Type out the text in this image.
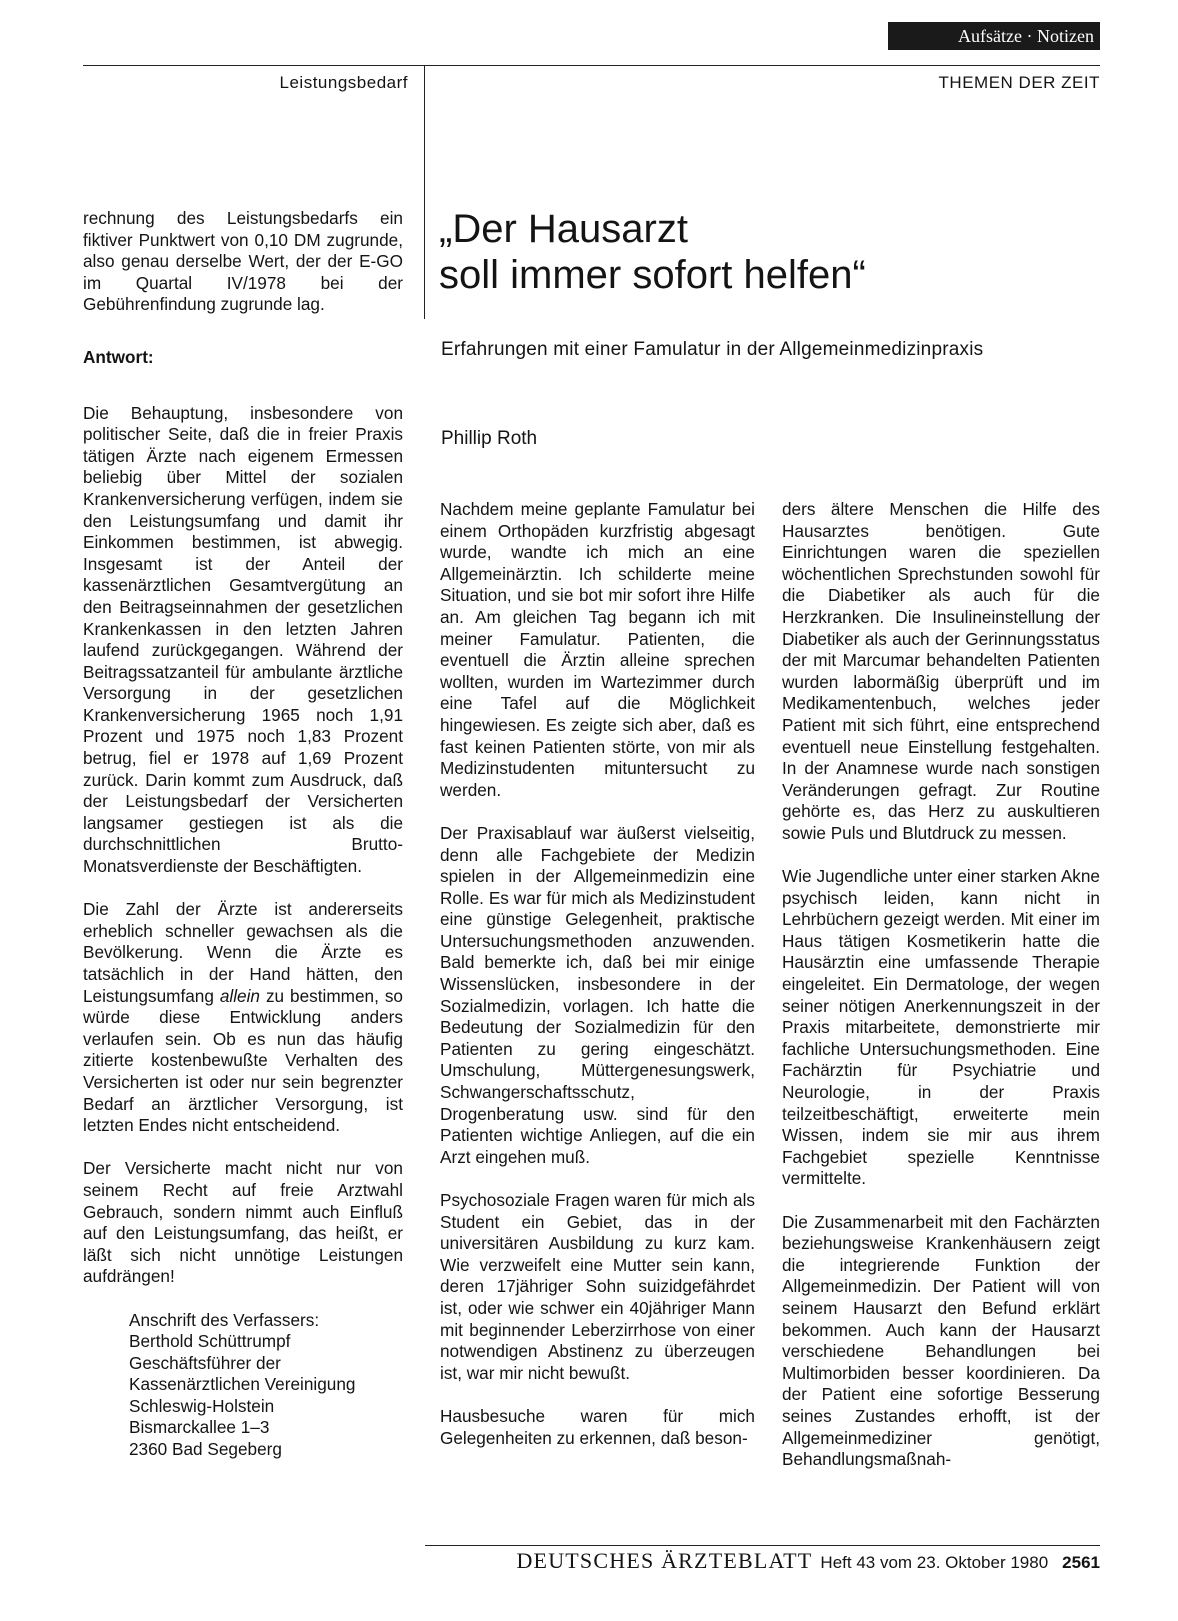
Aufsätze · Notizen
Leistungsbedarf	THEMEN DER ZEIT

rechnung des Leistungsbedarfs ein fiktiver Punktwert von 0,10 DM zugrunde, also genau derselbe Wert, der der E-GO im Quartal IV/1978 bei der Gebührenfindung zugrunde lag.

Antwort:

Die Behauptung, insbesondere von politischer Seite, daß die in freier Praxis tätigen Ärzte nach eigenem Ermessen beliebig über Mittel der sozialen Krankenversicherung verfügen, indem sie den Leistungsumfang und damit ihr Einkommen bestimmen, ist abwegig. Insgesamt ist der Anteil der kassenärztlichen Gesamtvergütung an den Beitragseinnahmen der gesetzlichen Krankenkassen in den letzten Jahren laufend zurückgegangen. Während der Beitragssatzanteil für ambulante ärztliche Versorgung in der gesetzlichen Krankenversicherung 1965 noch 1,91 Prozent und 1975 noch 1,83 Prozent betrug, fiel er 1978 auf 1,69 Prozent zurück. Darin kommt zum Ausdruck, daß der Leistungsbedarf der Versicherten langsamer gestiegen ist als die durchschnittlichen Brutto-Monatsverdienste der Beschäftigten.

Die Zahl der Ärzte ist andererseits erheblich schneller gewachsen als die Bevölkerung. Wenn die Ärzte es tatsächlich in der Hand hätten, den Leistungsumfang allein zu bestimmen, so würde diese Entwicklung anders verlaufen sein. Ob es nun das häufig zitierte kostenbewußte Verhalten des Versicherten ist oder nur sein begrenzter Bedarf an ärztlicher Versorgung, ist letzten Endes nicht entscheidend.

Der Versicherte macht nicht nur von seinem Recht auf freie Arztwahl Gebrauch, sondern nimmt auch Einfluß auf den Leistungsumfang, das heißt, er läßt sich nicht unnötige Leistungen aufdrängen!

Anschrift des Verfassers:
Berthold Schüttrumpf
Geschäftsführer der
Kassenärztlichen Vereinigung
Schleswig-Holstein
Bismarckallee 1–3
2360 Bad Segeberg

„Der Hausarzt
soll immer sofort helfen“

Erfahrungen mit einer Famulatur in der Allgemeinmedizinpraxis

Phillip Roth

Nachdem meine geplante Famulatur bei einem Orthopäden kurzfristig abgesagt wurde, wandte ich mich an eine Allgemeinärztin. Ich schilderte meine Situation, und sie bot mir sofort ihre Hilfe an. Am gleichen Tag begann ich mit meiner Famulatur. Patienten, die eventuell die Ärztin alleine sprechen wollten, wurden im Wartezimmer durch eine Tafel auf die Möglichkeit hingewiesen. Es zeigte sich aber, daß es fast keinen Patienten störte, von mir als Medizinstudenten mituntersucht zu werden.

Der Praxisablauf war äußerst vielseitig, denn alle Fachgebiete der Medizin spielen in der Allgemeinmedizin eine Rolle. Es war für mich als Medizinstudent eine günstige Gelegenheit, praktische Untersuchungsmethoden anzuwenden. Bald bemerkte ich, daß bei mir einige Wissenslücken, insbesondere in der Sozialmedizin, vorlagen. Ich hatte die Bedeutung der Sozialmedizin für den Patienten zu gering eingeschätzt. Umschulung, Müttergenesungswerk, Schwangerschaftsschutz, Drogenberatung usw. sind für den Patienten wichtige Anliegen, auf die ein Arzt eingehen muß.

Psychosoziale Fragen waren für mich als Student ein Gebiet, das in der universitären Ausbildung zu kurz kam. Wie verzweifelt eine Mutter sein kann, deren 17jähriger Sohn suizidgefährdet ist, oder wie schwer ein 40jähriger Mann mit beginnender Leberzirrhose von einer notwendigen Abstinenz zu überzeugen ist, war mir nicht bewußt.

Hausbesuche waren für mich Gelegenheiten zu erkennen, daß beson-

ders ältere Menschen die Hilfe des Hausarztes benötigen. Gute Einrichtungen waren die speziellen wöchentlichen Sprechstunden sowohl für die Diabetiker als auch für die Herzkranken. Die Insulineinstellung der Diabetiker als auch der Gerinnungsstatus der mit Marcumar behandelten Patienten wurden labormäßig überprüft und im Medikamentenbuch, welches jeder Patient mit sich führt, eine entsprechend eventuell neue Einstellung festgehalten. In der Anamnese wurde nach sonstigen Veränderungen gefragt. Zur Routine gehörte es, das Herz zu auskultieren sowie Puls und Blutdruck zu messen.

Wie Jugendliche unter einer starken Akne psychisch leiden, kann nicht in Lehrbüchern gezeigt werden. Mit einer im Haus tätigen Kosmetikerin hatte die Hausärztin eine umfassende Therapie eingeleitet. Ein Dermatologe, der wegen seiner nötigen Anerkennungszeit in der Praxis mitarbeitete, demonstrierte mir fachliche Untersuchungsmethoden. Eine Fachärztin für Psychiatrie und Neurologie, in der Praxis teilzeitbeschäftigt, erweiterte mein Wissen, indem sie mir aus ihrem Fachgebiet spezielle Kenntnisse vermittelte.

Die Zusammenarbeit mit den Fachärzten beziehungsweise Krankenhäusern zeigt die integrierende Funktion der Allgemeinmedizin. Der Patient will von seinem Hausarzt den Befund erklärt bekommen. Auch kann der Hausarzt verschiedene Behandlungen bei Multimorbiden besser koordinieren. Da der Patient eine sofortige Besserung seines Zustandes erhofft, ist der Allgemeinmediziner genötigt, Behandlungsmaßnah-

DEUTSCHES ÄRZTEBLATT Heft 43 vom 23. Oktober 1980 2561
